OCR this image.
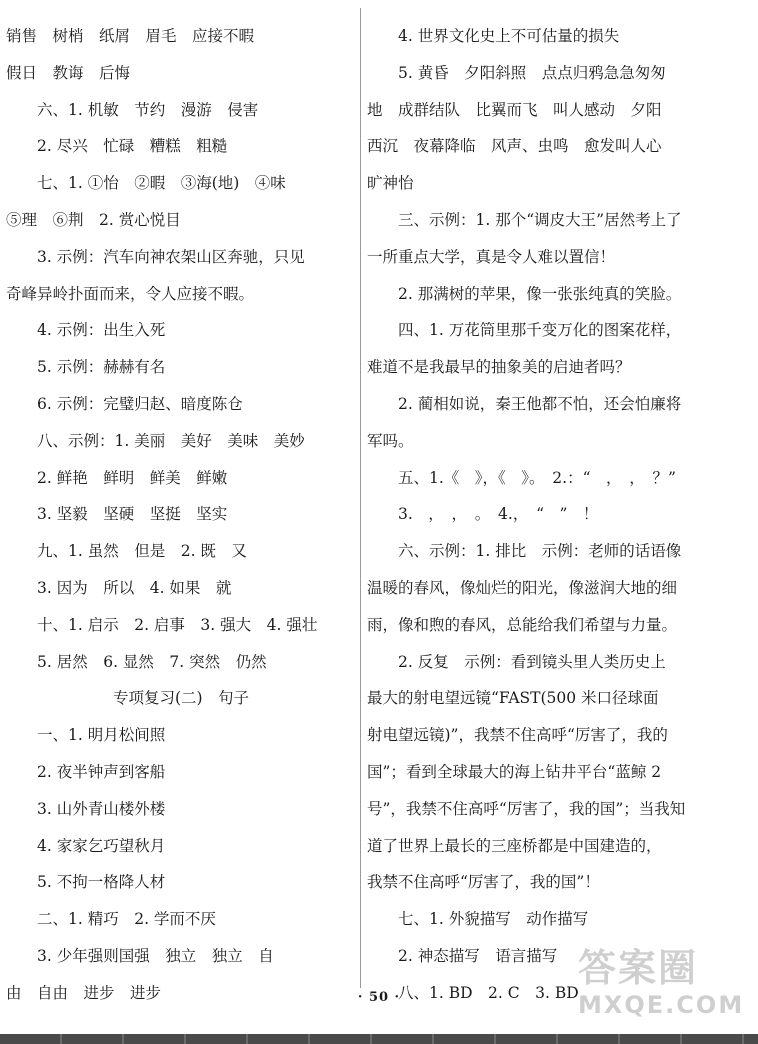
销售　树梢　纸屑　眉毛　应接不暇
假日　教诲　后悔
六、1. 机敏　节约　漫游　侵害
2. 尽兴　忙碌　糟糕　粗糙
七、1. ①怡　②暇　③海(地)　④味
⑤理　⑥荆　2. 赏心悦目
3. 示例：汽车向神农架山区奔驰，只见
奇峰异岭扑面而来，令人应接不暇。
4. 示例：出生入死
5. 示例：赫赫有名
6. 示例：完璧归赵、暗度陈仓
八、示例：1. 美丽　美好　美味　美妙
2. 鲜艳　鲜明　鲜美　鲜嫩
3. 坚毅　坚硬　坚挺　坚实
九、1. 虽然　但是　2. 既　又
3. 因为　所以　4. 如果　就
十、1. 启示　2. 启事　3. 强大　4. 强壮
5. 居然　6. 显然　7. 突然　仍然
专项复习(二)　句子
一、1. 明月松间照
2. 夜半钟声到客船
3. 山外青山楼外楼
4. 家家乞巧望秋月
5. 不拘一格降人材
二、1. 精巧　2. 学而不厌
3. 少年强则国强　独立　独立　自
由　自由　进步　进步
4. 世界文化史上不可估量的损失
5. 黄昏　夕阳斜照　点点归鸦急急匆匆
地　成群结队　比翼而飞　叫人感动　夕阳
西沉　夜幕降临　风声、虫鸣　愈发叫人心
旷神怡
三、示例：1. 那个“调皮大王”居然考上了
一所重点大学，真是令人难以置信！
2. 那满树的苹果，像一张张纯真的笑脸。
四、1. 万花筒里那千变万化的图案花样，
难道不是我最早的抽象美的启迪者吗？
2. 蔺相如说，秦王他都不怕，还会怕廉将
军吗。
五、1.《　》，《　》。　2.：“　，　，　？”
3.　，　，　。　4.，　“　”　！
六、示例：1. 排比　示例：老师的话语像
温暖的春风，像灿烂的阳光，像滋润大地的细
雨，像和煦的春风，总能给我们希望与力量。
2. 反复　示例：看到镜头里人类历史上
最大的射电望远镜“FAST(500 米口径球面
射电望远镜)”，我禁不住高呼“厉害了，我的
国”；看到全球最大的海上钻井平台“蓝鲸 2
号”，我禁不住高呼“厉害了，我的国”；当我知
道了世界上最长的三座桥都是中国建造的，
我禁不住高呼“厉害了，我的国”！
七、1. 外貌描写　动作描写
2. 神态描写　语言描写
八、1. BD　2. C　3. BD
答案圈
MXQE.COM
· 50 ·
